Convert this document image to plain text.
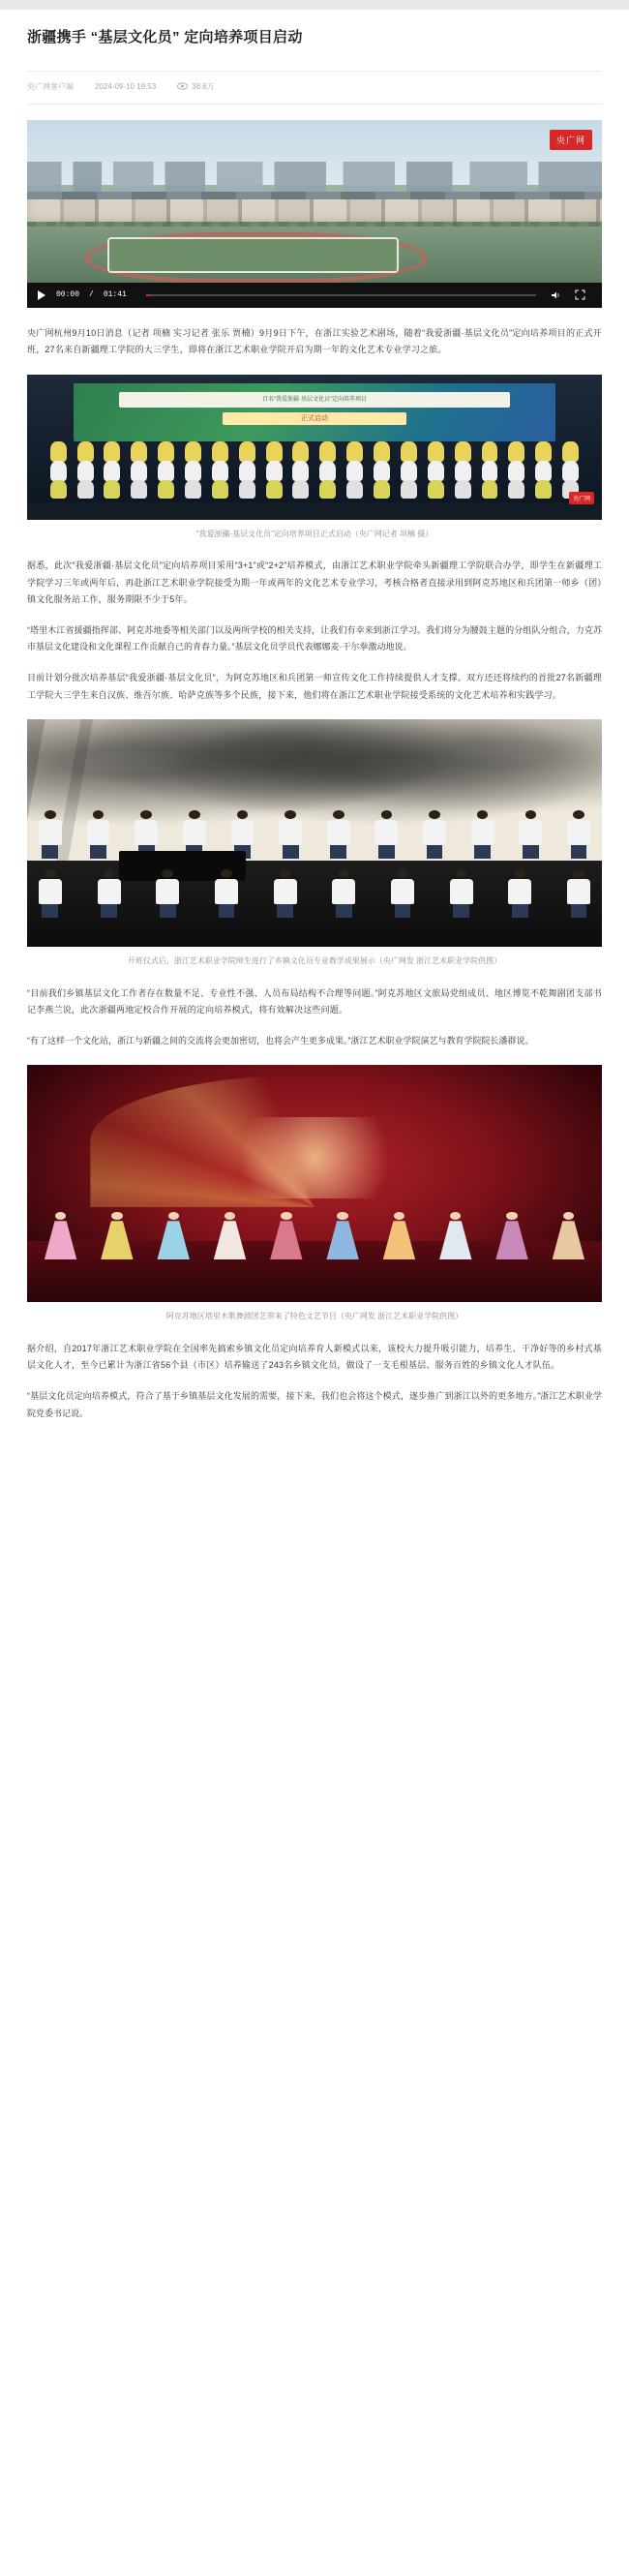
浙疆携手 “基层文化员” 定向培养项目启动
央广网客户端	2024-09-10 19:53	38.6万
央广网
00:00 / 01:41

央广网杭州9月10日消息（记者 项楠 实习记者 张乐 贾楠）9月9日下午，在浙江实验艺术剧场，随着“我爱浙疆·基层文化员”定向培养项目的正式开班，27名来自新疆理工学院的大三学生，即将在浙江艺术职业学院开启为期一年的文化艺术专业学习之旅。

百名“我爱浙疆·基层文化员”定向培养项目
正式启动
央广网
“我爱浙疆·基层文化员”定向培养项目正式启动（央广网记者 项楠 摄）

据悉，此次“我爱浙疆·基层文化员”定向培养项目采用“3+1”或“2+2”培养模式，由浙江艺术职业学院牵头新疆理工学院联合办学，即学生在新疆理工学院学习三年或两年后，再赴浙江艺术职业学院接受为期一年或两年的文化艺术专业学习，考核合格者直接录用到阿克苏地区和兵团第一师乡（团）镇文化服务站工作，服务期限不少于5年。

“塔里木江省援疆指挥部、阿克苏地委等相关部门以及两所学校的相关支持，让我们有幸来到浙江学习。我们将分为腰鼓主题的分组队分组合，力克苏市基层文化建设和文化课程工作贡献自己的青春力量。”基层文化员学员代表娜娜麦·干尔拳激动地说。

目前计划分批次培养基层“我爱浙疆·基层文化员”，为阿克苏地区和兵团第一师宣传文化工作持续提供人才支撑。双方还还将续约的首批27名新疆理工学院大三学生来自汉族、维吾尔族、哈萨克族等多个民族，接下来，他们将在浙江艺术职业学院接受系统的文化艺术培养和实践学习。

开班仪式后，浙江艺术职业学院师生进行了乡镇文化员专业教学成果展示（央广网发 浙江艺术职业学院供图）

“目前我们乡镇基层文化工作者存在数量不足、专业性不强、人员布局结构不合理等问题。”阿克苏地区文旅局党组成员、地区博览不乾舞剧团支部书记李燕兰说，此次浙疆两地定校合作开展的定向培养模式，将有效解决这些问题。

“有了这样一个文化站，浙江与新疆之间的交流将会更加密切，也将会产生更多成果。”浙江艺术职业学院演艺与教育学院院长潘群说。

阿克苏地区塔里木歌舞剧团艺带来了特色文艺节目（央广网发 浙江艺术职业学院供图）

据介绍，自2017年浙江艺术职业学院在全国率先搞索乡镇文化员定向培养育人新模式以来，该校大力提升吸引能力，培养生、干净好等的乡村式基层文化人才，至今已累计为浙江省56个县（市区）培养输送了243名乡镇文化员，做设了一支毛根基层、服务百姓的乡镇文化人才队伍。

“基层文化员定向培养模式，符合了基于乡镇基层文化发展的需要，接下来，我们也会将这个模式，逐步推广到浙江以外的更多地方。”浙江艺术职业学院党委书记说。
